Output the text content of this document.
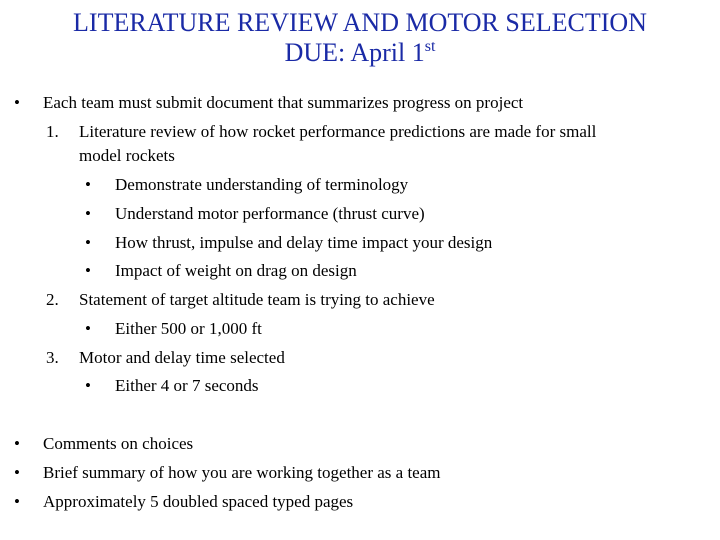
LITERATURE REVIEW AND MOTOR SELECTION
DUE: April 1st
• Each team must submit document that summarizes progress on project
1. Literature review of how rocket performance predictions are made for small
model rockets
• Demonstrate understanding of terminology
• Understand motor performance (thrust curve)
• How thrust, impulse and delay time impact your design
• Impact of weight on drag on design
2. Statement of target altitude team is trying to achieve
• Either 500 or 1,000 ft
3. Motor and delay time selected
• Either 4 or 7 seconds
• Comments on choices
• Brief summary of how you are working together as a team
• Approximately 5 doubled spaced typed pages
